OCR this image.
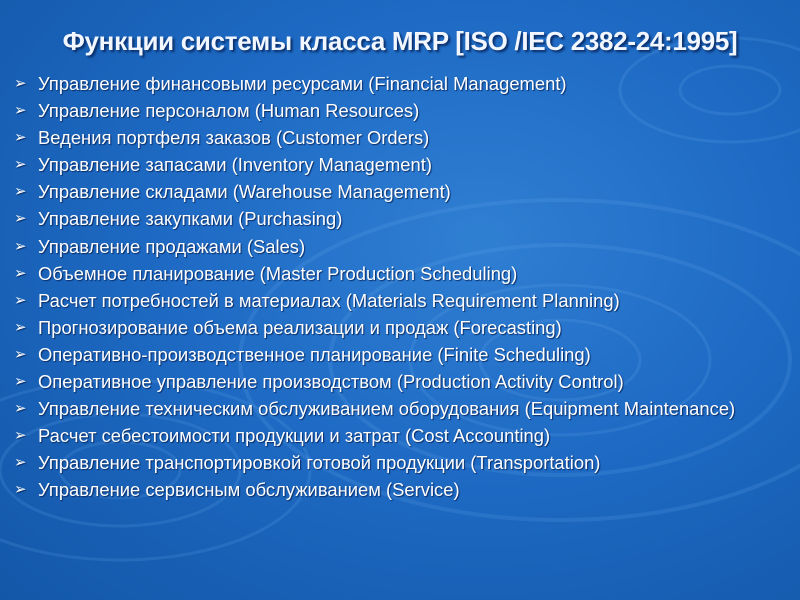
Функции системы класса MRP [ISO /IEC 2382-24:1995]
➢ Управление финансовыми ресурсами (Financial Management)
➢ Управление персоналом (Human Resources)
➢ Ведения портфеля заказов (Customer Orders)
➢ Управление запасами (Inventory Management)
➢ Управление складами (Warehouse Management)
➢ Управление закупками (Purchasing)
➢ Управление продажами (Sales)
➢ Объемное планирование (Master Production Scheduling)
➢ Расчет потребностей в материалах (Materials Requirement Planning)
➢ Прогнозирование объема реализации и продаж (Forecasting)
➢ Оперативно-производственное планирование (Finite Scheduling)
➢ Оперативное управление производством (Production Activity Control)
➢ Управление техническим обслуживанием оборудования (Equipment Maintenance)
➢ Расчет себестоимости продукции и затрат (Cost Accounting)
➢ Управление транспортировкой готовой продукции (Transportation)
➢ Управление сервисным обслуживанием (Service)
